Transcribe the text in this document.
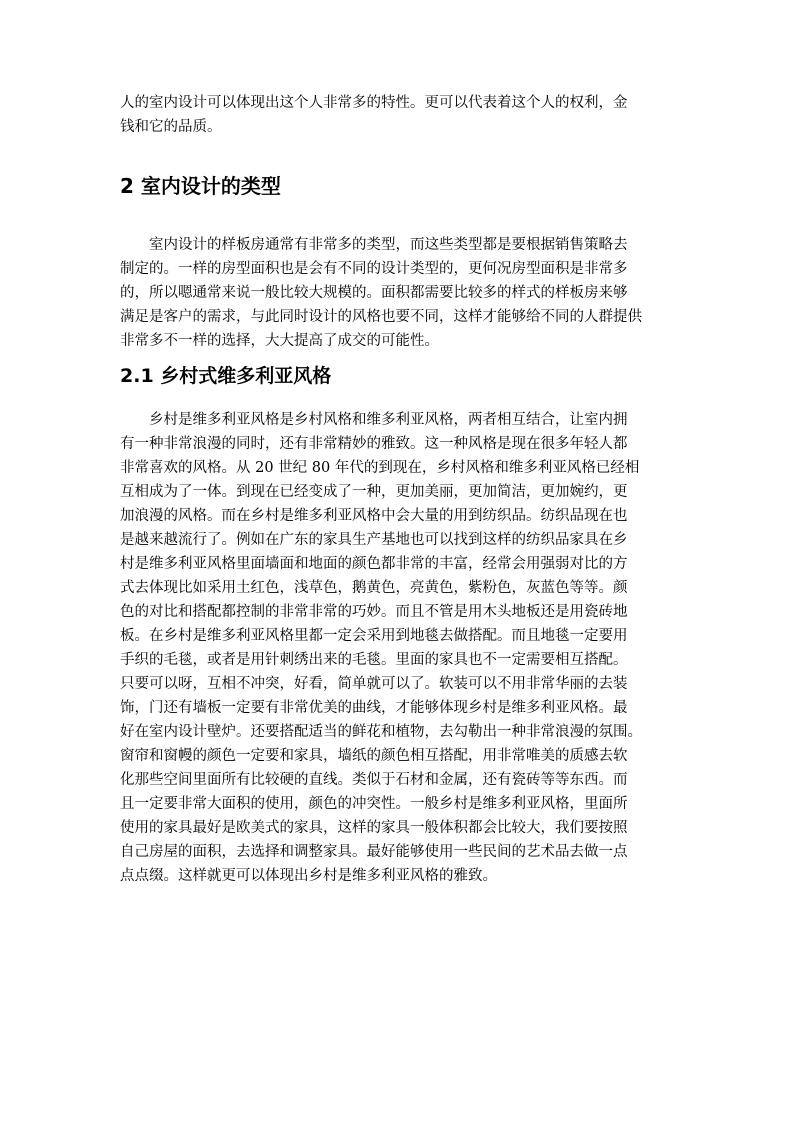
人的室内设计可以体现出这个人非常多的特性。更可以代表着这个人的权利，金
钱和它的品质。
2 室内设计的类型
室内设计的样板房通常有非常多的类型，而这些类型都是要根据销售策略去
制定的。一样的房型面积也是会有不同的设计类型的，更何况房型面积是非常多
的，所以嗯通常来说一般比较大规模的。面积都需要比较多的样式的样板房来够
满足是客户的需求，与此同时设计的风格也要不同，这样才能够给不同的人群提供
非常多不一样的选择，大大提高了成交的可能性。
2.1 乡村式维多利亚风格
乡村是维多利亚风格是乡村风格和维多利亚风格，两者相互结合，让室内拥
有一种非常浪漫的同时，还有非常精妙的雅致。这一种风格是现在很多年轻人都
非常喜欢的风格。从 20 世纪 80 年代的到现在，乡村风格和维多利亚风格已经相
互相成为了一体。到现在已经变成了一种，更加美丽，更加简洁，更加婉约，更
加浪漫的风格。而在乡村是维多利亚风格中会大量的用到纺织品。纺织品现在也
是越来越流行了。例如在广东的家具生产基地也可以找到这样的纺织品家具在乡
村是维多利亚风格里面墙面和地面的颜色都非常的丰富，经常会用强弱对比的方
式去体现比如采用土红色，浅草色，鹅黄色，亮黄色，紫粉色，灰蓝色等等。颜
色的对比和搭配都控制的非常非常的巧妙。而且不管是用木头地板还是用瓷砖地
板。在乡村是维多利亚风格里都一定会采用到地毯去做搭配。而且地毯一定要用
手织的毛毯，或者是用针刺绣出来的毛毯。里面的家具也不一定需要相互搭配。
只要可以呀，互相不冲突，好看，简单就可以了。软装可以不用非常华丽的去装
饰，门还有墙板一定要有非常优美的曲线，才能够体现乡村是维多利亚风格。最
好在室内设计壁炉。还要搭配适当的鲜花和植物，去勾勒出一种非常浪漫的氛围。
窗帘和窗幔的颜色一定要和家具，墙纸的颜色相互搭配，用非常唯美的质感去软
化那些空间里面所有比较硬的直线。类似于石材和金属，还有瓷砖等等东西。而
且一定要非常大面积的使用，颜色的冲突性。一般乡村是维多利亚风格，里面所
使用的家具最好是欧美式的家具，这样的家具一般体积都会比较大，我们要按照
自己房屋的面积，去选择和调整家具。最好能够使用一些民间的艺术品去做一点
点点缀。这样就更可以体现出乡村是维多利亚风格的雅致。
